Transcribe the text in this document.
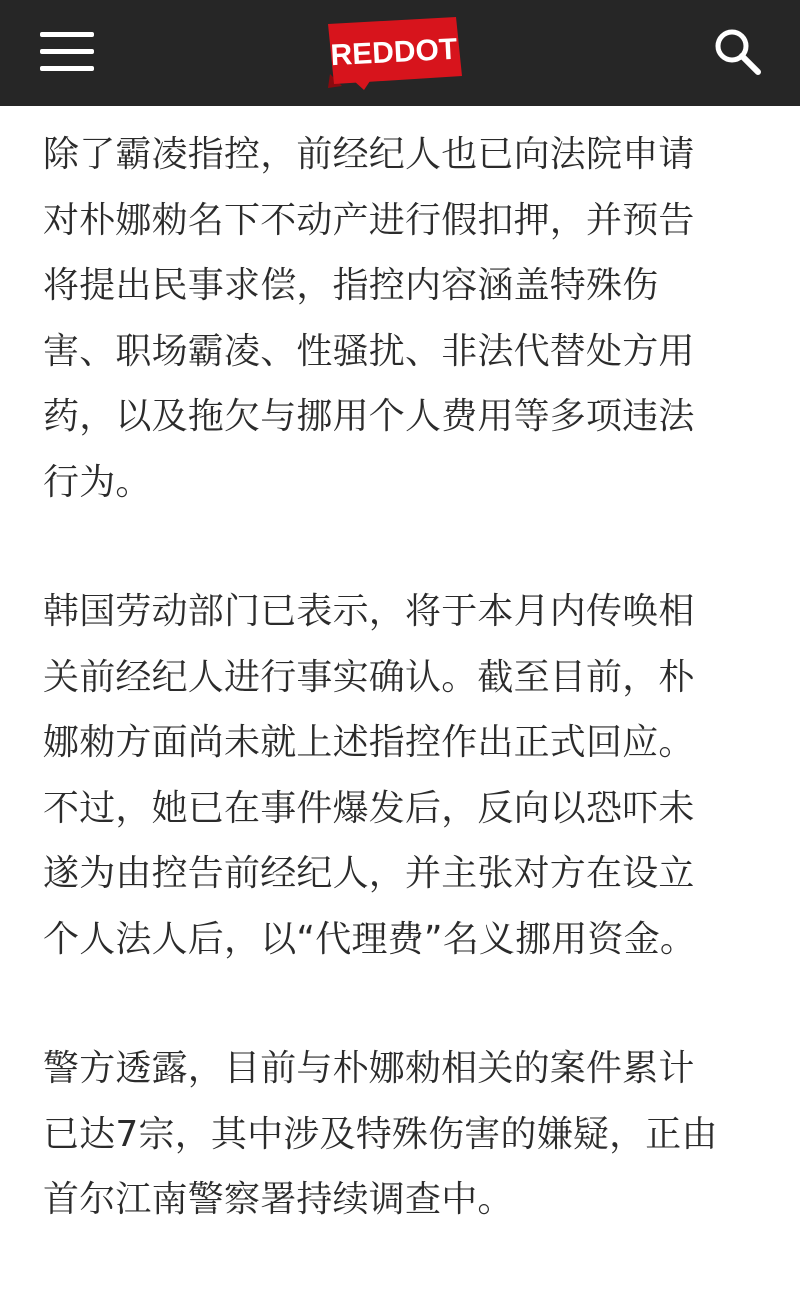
REDDOT

除了霸凌指控，前经纪人也已向法院申请
对朴娜勑名下不动产进行假扣押，并预告
将提出民事求偿，指控内容涵盖特殊伤
害、职场霸凌、性骚扰、非法代替处方用
药，以及拖欠与挪用个人费用等多项违法
行为。

韩国劳动部门已表示，将于本月内传唤相
关前经纪人进行事实确认。截至目前，朴
娜勑方面尚未就上述指控作出正式回应。
不过，她已在事件爆发后，反向以恐吓未
遂为由控告前经纪人，并主张对方在设立
个人法人后，以“代理费”名义挪用资金。

警方透露，目前与朴娜勑相关的案件累计
已达7宗，其中涉及特殊伤害的嫌疑，正由
首尔江南警察署持续调查中。
